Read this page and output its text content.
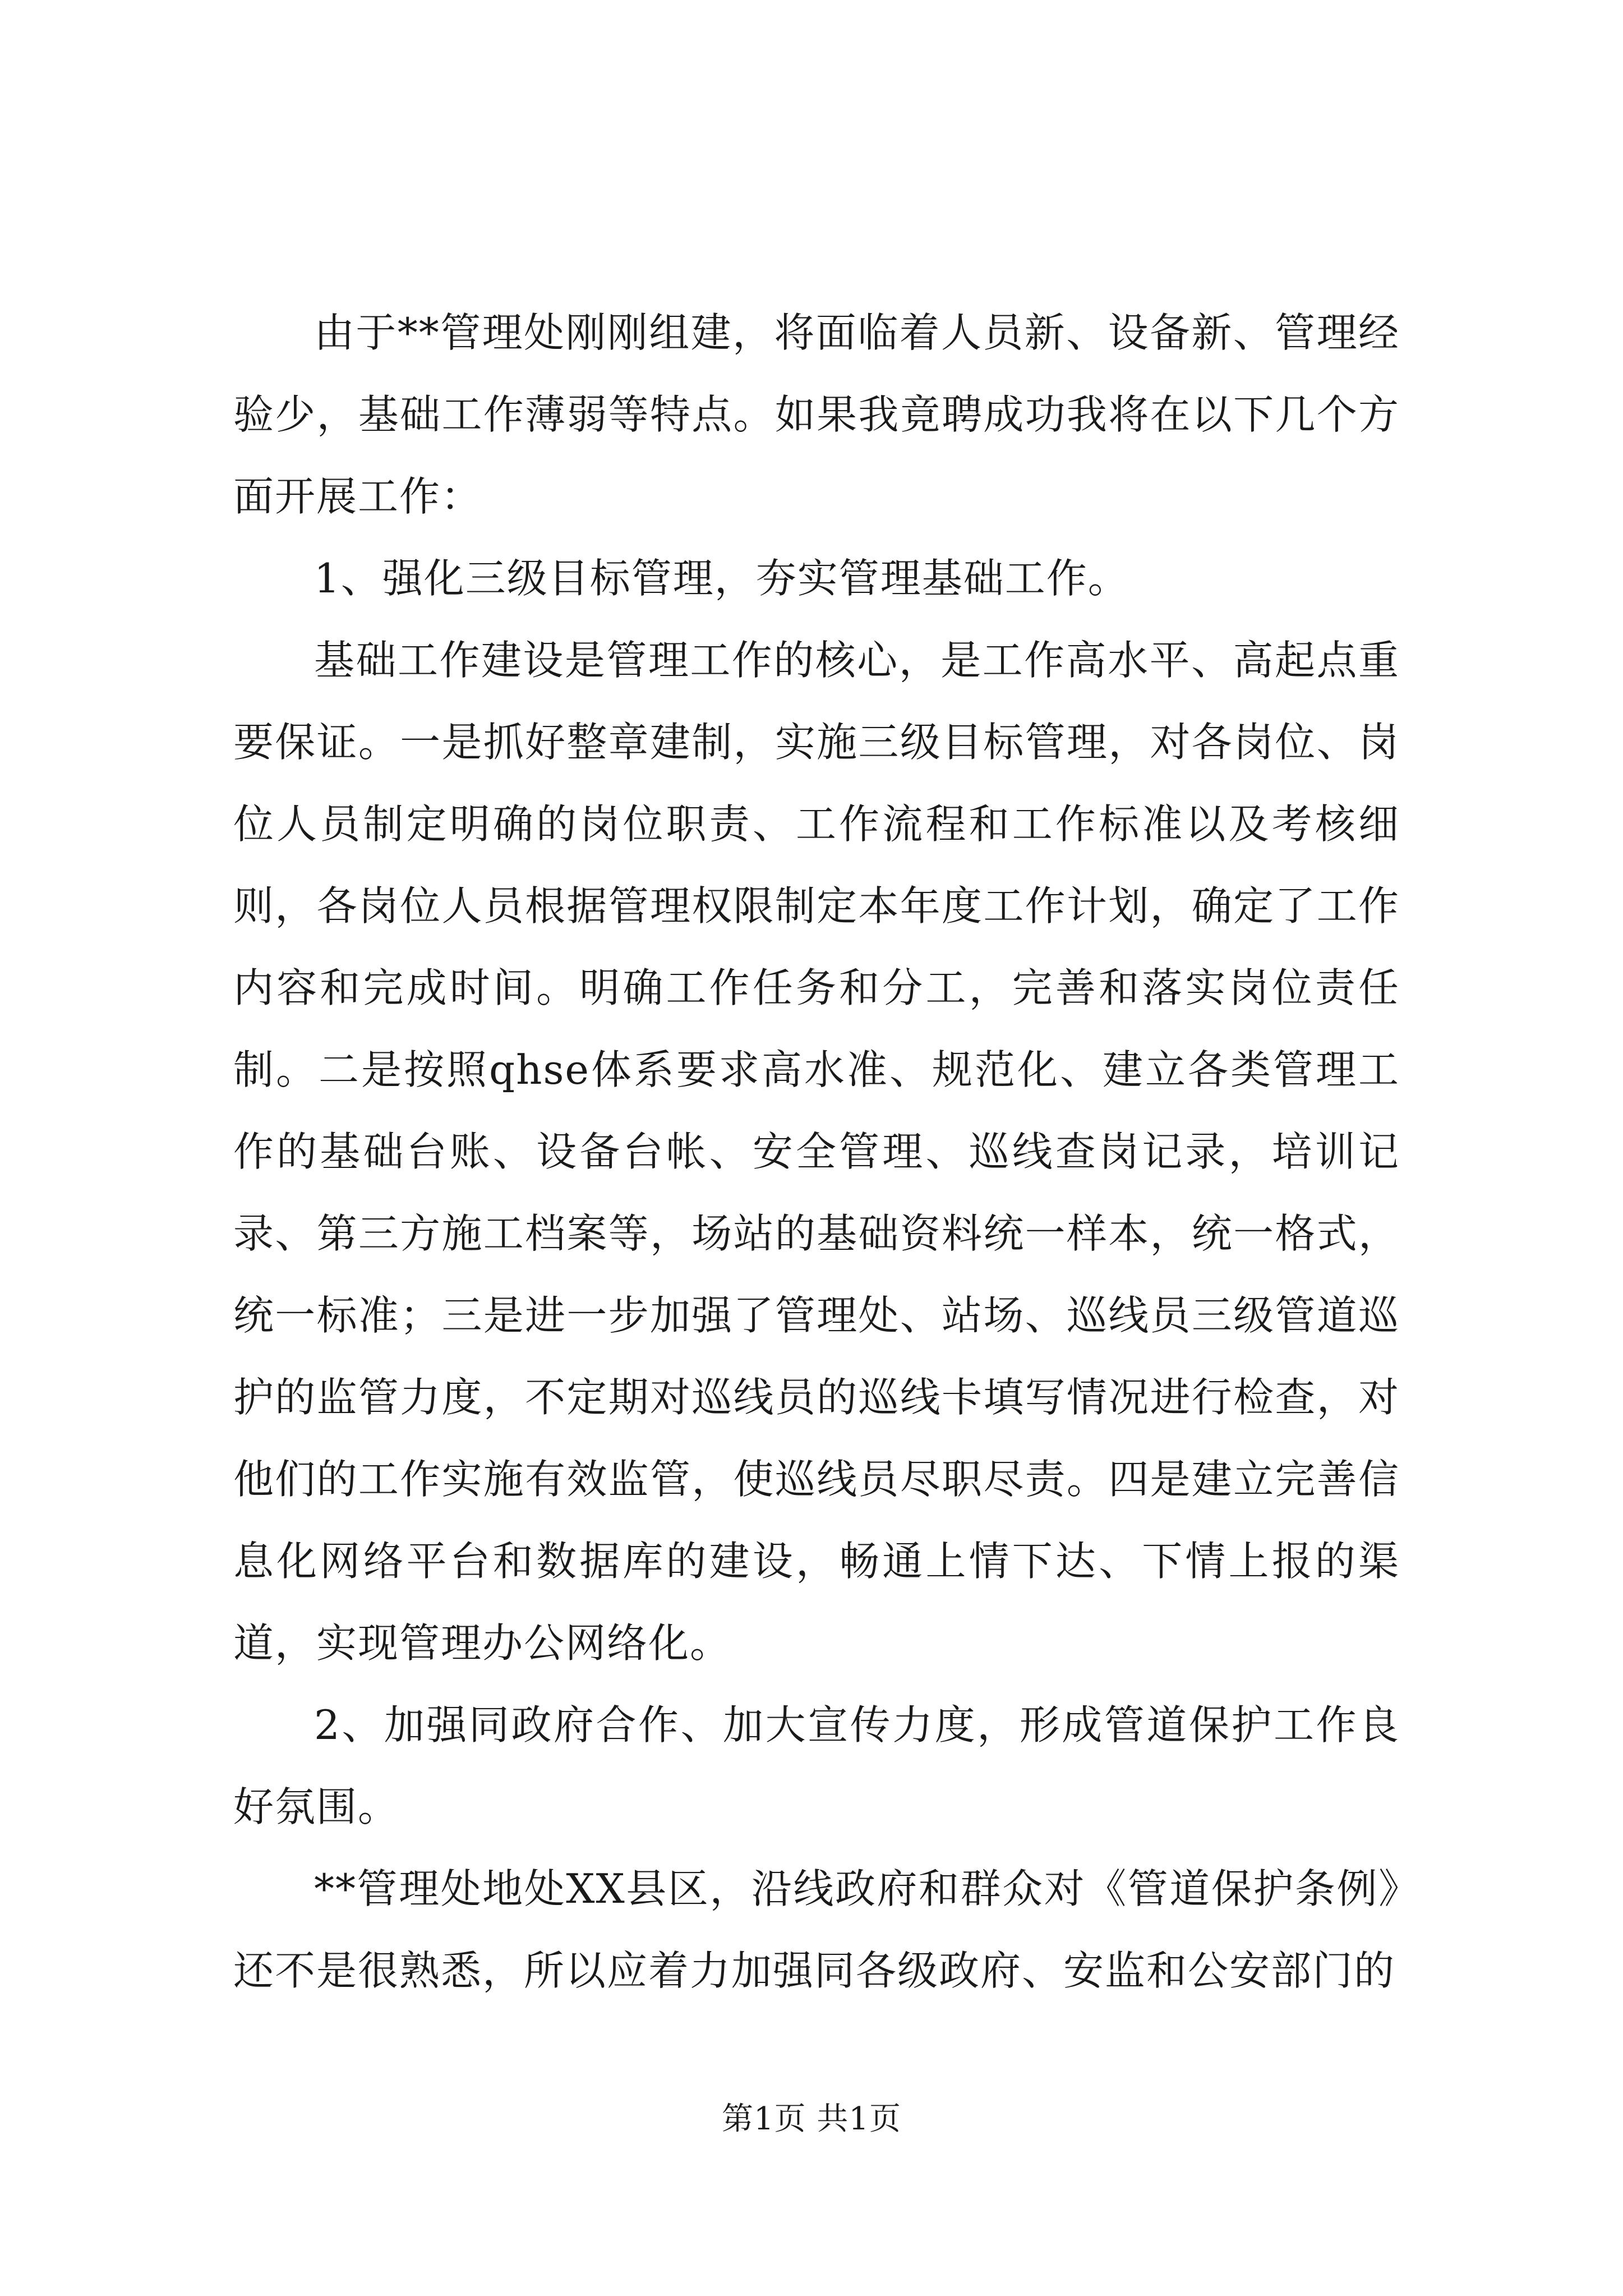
由于**管理处刚刚组建，将面临着人员新、设备新、管理经验少，基础工作薄弱等特点。如果我竟聘成功我将在以下几个方面开展工作：

1、强化三级目标管理，夯实管理基础工作。

基础工作建设是管理工作的核心，是工作高水平、高起点重要保证。一是抓好整章建制，实施三级目标管理，对各岗位、岗位人员制定明确的岗位职责、工作流程和工作标准以及考核细则，各岗位人员根据管理权限制定本年度工作计划，确定了工作内容和完成时间。明确工作任务和分工，完善和落实岗位责任制。二是按照qhse体系要求高水准、规范化、建立各类管理工作的基础台账、设备台帐、安全管理、巡线查岗记录，培训记录、第三方施工档案等，场站的基础资料统一样本，统一格式，统一标准；三是进一步加强了管理处、站场、巡线员三级管道巡护的监管力度，不定期对巡线员的巡线卡填写情况进行检查，对他们的工作实施有效监管，使巡线员尽职尽责。四是建立完善信息化网络平台和数据库的建设，畅通上情下达、下情上报的渠道，实现管理办公网络化。

2、加强同政府合作、加大宣传力度，形成管道保护工作良好氛围。

**管理处地处XX县区，沿线政府和群众对《管道保护条例》还不是很熟悉，所以应着力加强同各级政府、安监和公安部门的

第1页 共1页
